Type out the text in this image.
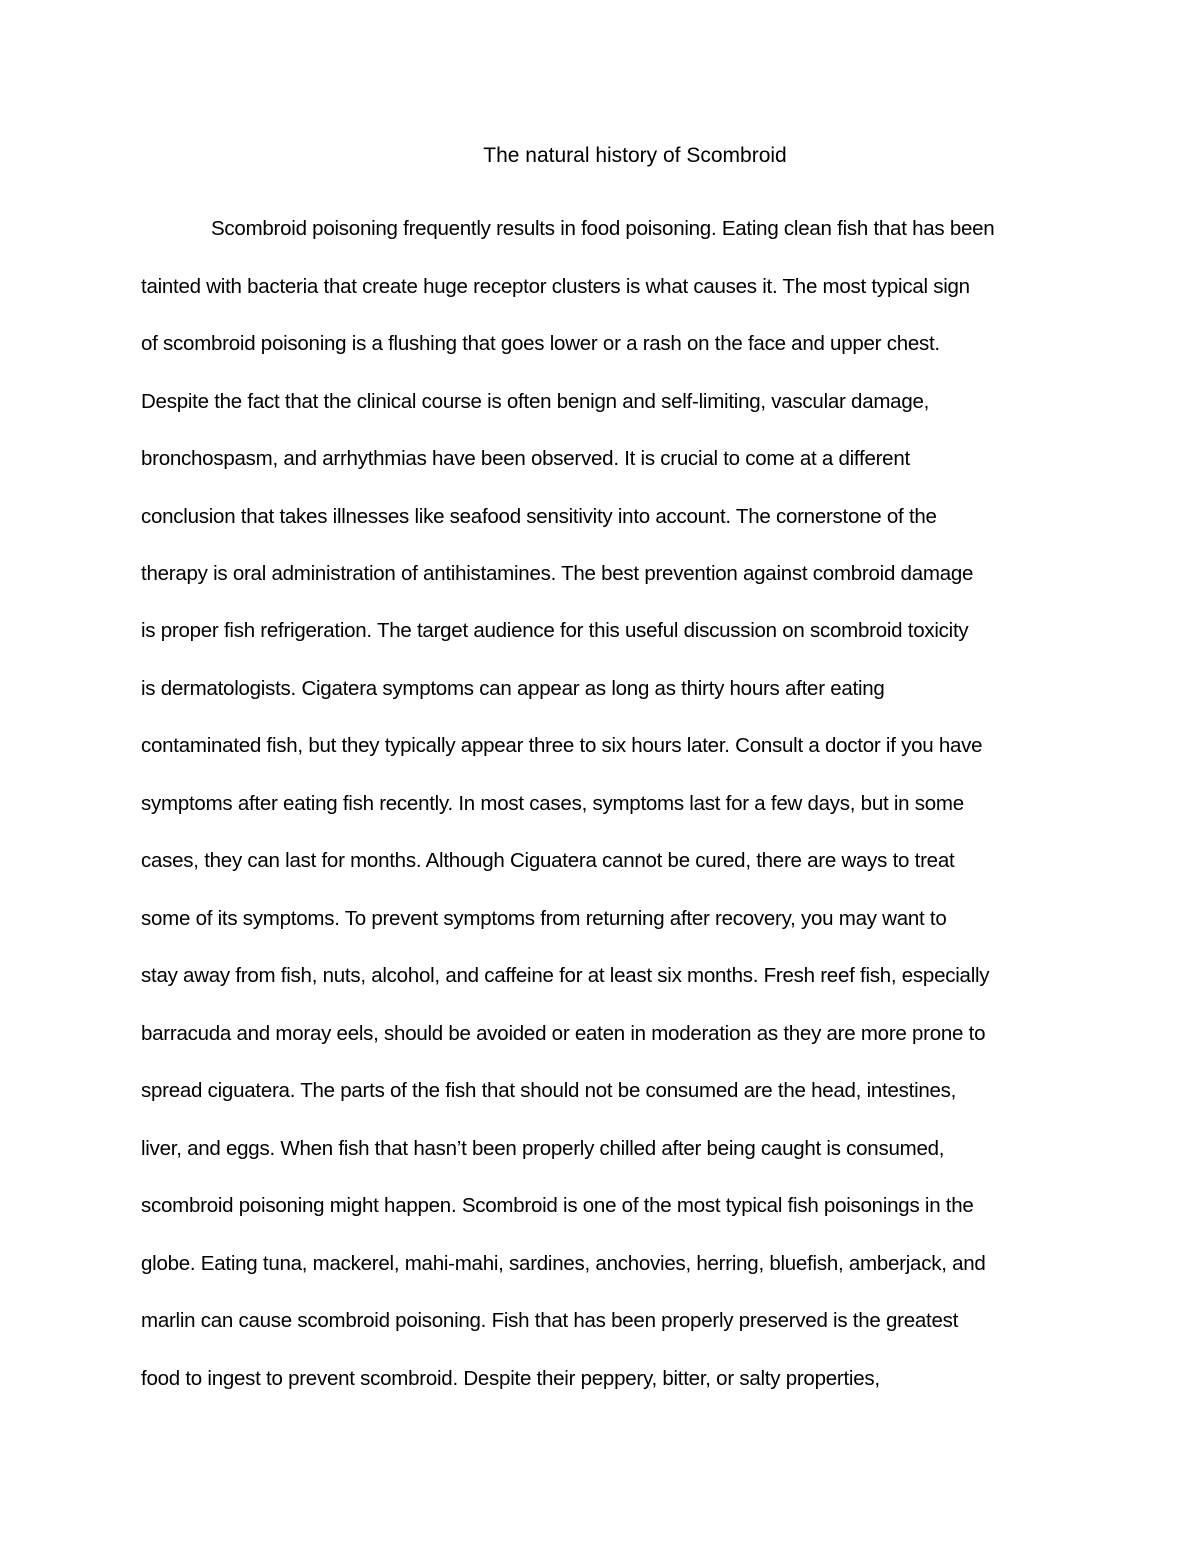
The natural history of Scombroid
Scombroid poisoning frequently results in food poisoning. Eating clean fish that has been
tainted with bacteria that create huge receptor clusters is what causes it. The most typical sign
of scombroid poisoning is a flushing that goes lower or a rash on the face and upper chest.
Despite the fact that the clinical course is often benign and self-limiting, vascular damage,
bronchospasm, and arrhythmias have been observed. It is crucial to come at a different
conclusion that takes illnesses like seafood sensitivity into account. The cornerstone of the
therapy is oral administration of antihistamines. The best prevention against combroid damage
is proper fish refrigeration. The target audience for this useful discussion on scombroid toxicity
is dermatologists. Cigatera symptoms can appear as long as thirty hours after eating
contaminated fish, but they typically appear three to six hours later. Consult a doctor if you have
symptoms after eating fish recently. In most cases, symptoms last for a few days, but in some
cases, they can last for months. Although Ciguatera cannot be cured, there are ways to treat
some of its symptoms. To prevent symptoms from returning after recovery, you may want to
stay away from fish, nuts, alcohol, and caffeine for at least six months. Fresh reef fish, especially
barracuda and moray eels, should be avoided or eaten in moderation as they are more prone to
spread ciguatera. The parts of the fish that should not be consumed are the head, intestines,
liver, and eggs. When fish that hasn’t been properly chilled after being caught is consumed,
scombroid poisoning might happen. Scombroid is one of the most typical fish poisonings in the
globe. Eating tuna, mackerel, mahi-mahi, sardines, anchovies, herring, bluefish, amberjack, and
marlin can cause scombroid poisoning. Fish that has been properly preserved is the greatest
food to ingest to prevent scombroid. Despite their peppery, bitter, or salty properties,
